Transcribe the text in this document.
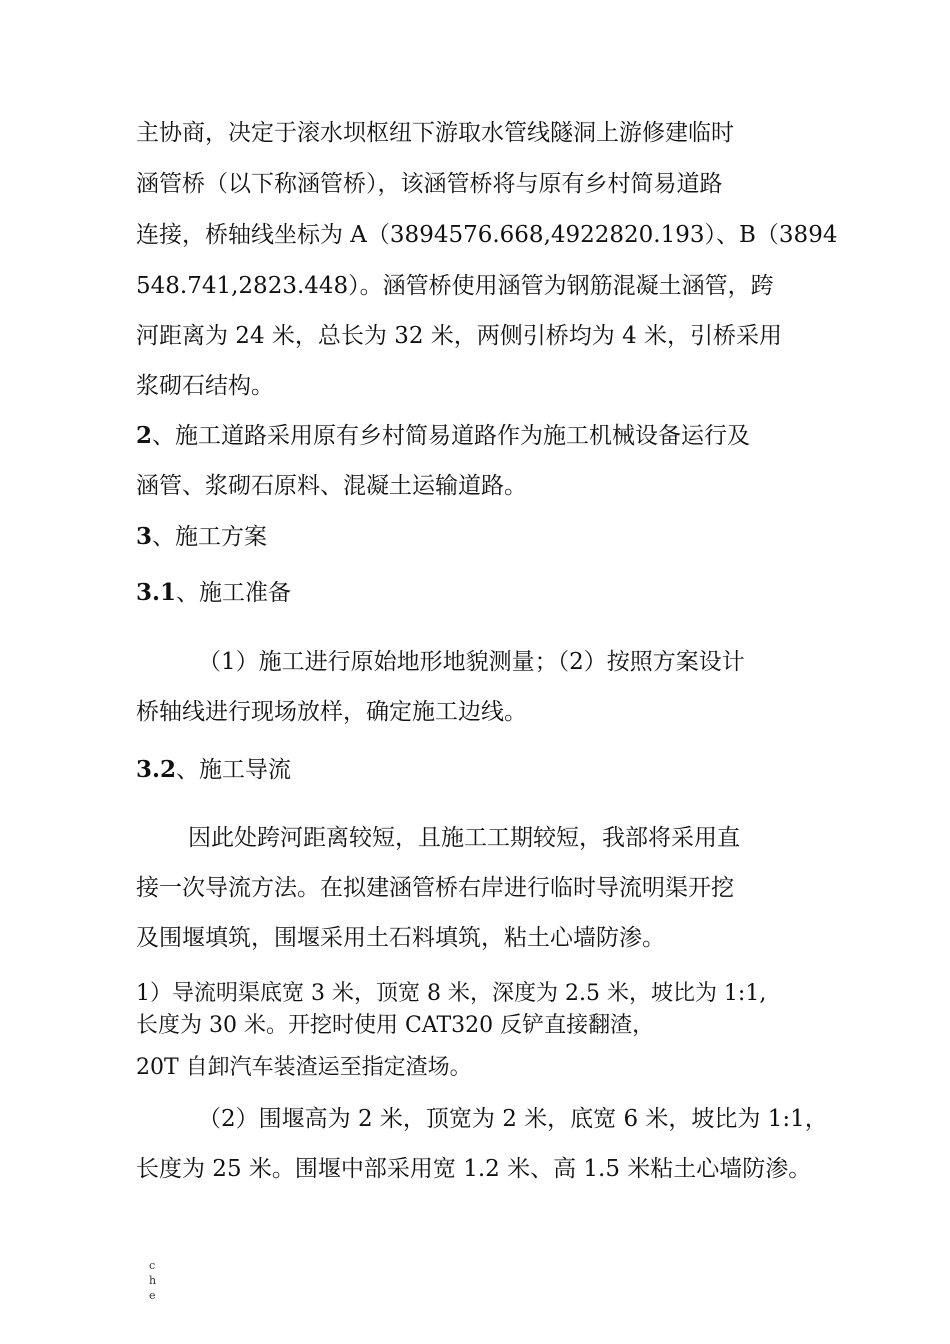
主协商，决定于滚水坝枢纽下游取水管线隧洞上游修建临时
涵管桥（以下称涵管桥），该涵管桥将与原有乡村简易道路
连接，桥轴线坐标为 A（3894576.668,4922820.193）、B（3894
548.741,2823.448）。涵管桥使用涵管为钢筋混凝土涵管，跨
河距离为 24 米，总长为 32 米，两侧引桥均为 4 米，引桥采用
浆砌石结构。
2、施工道路采用原有乡村简易道路作为施工机械设备运行及
涵管、浆砌石原料、混凝土运输道路。
3、施工方案
3.1、施工准备
（1）施工进行原始地形地貌测量；（2）按照方案设计
桥轴线进行现场放样，确定施工边线。
3.2、施工导流
因此处跨河距离较短，且施工工期较短，我部将采用直
接一次导流方法。在拟建涵管桥右岸进行临时导流明渠开挖
及围堰填筑，围堰采用土石料填筑，粘土心墙防渗。
1）导流明渠底宽 3 米，顶宽 8 米，深度为 2.5 米，坡比为 1:1,
长度为 30 米。开挖时使用 CAT320 反铲直接翻渣，
20T 自卸汽车装渣运至指定渣场。
（2）围堰高为 2 米，顶宽为 2 米，底宽 6 米，坡比为 1:1，
长度为 25 米。围堰中部采用宽 1.2 米、高 1.5 米粘土心墙防渗。
che
